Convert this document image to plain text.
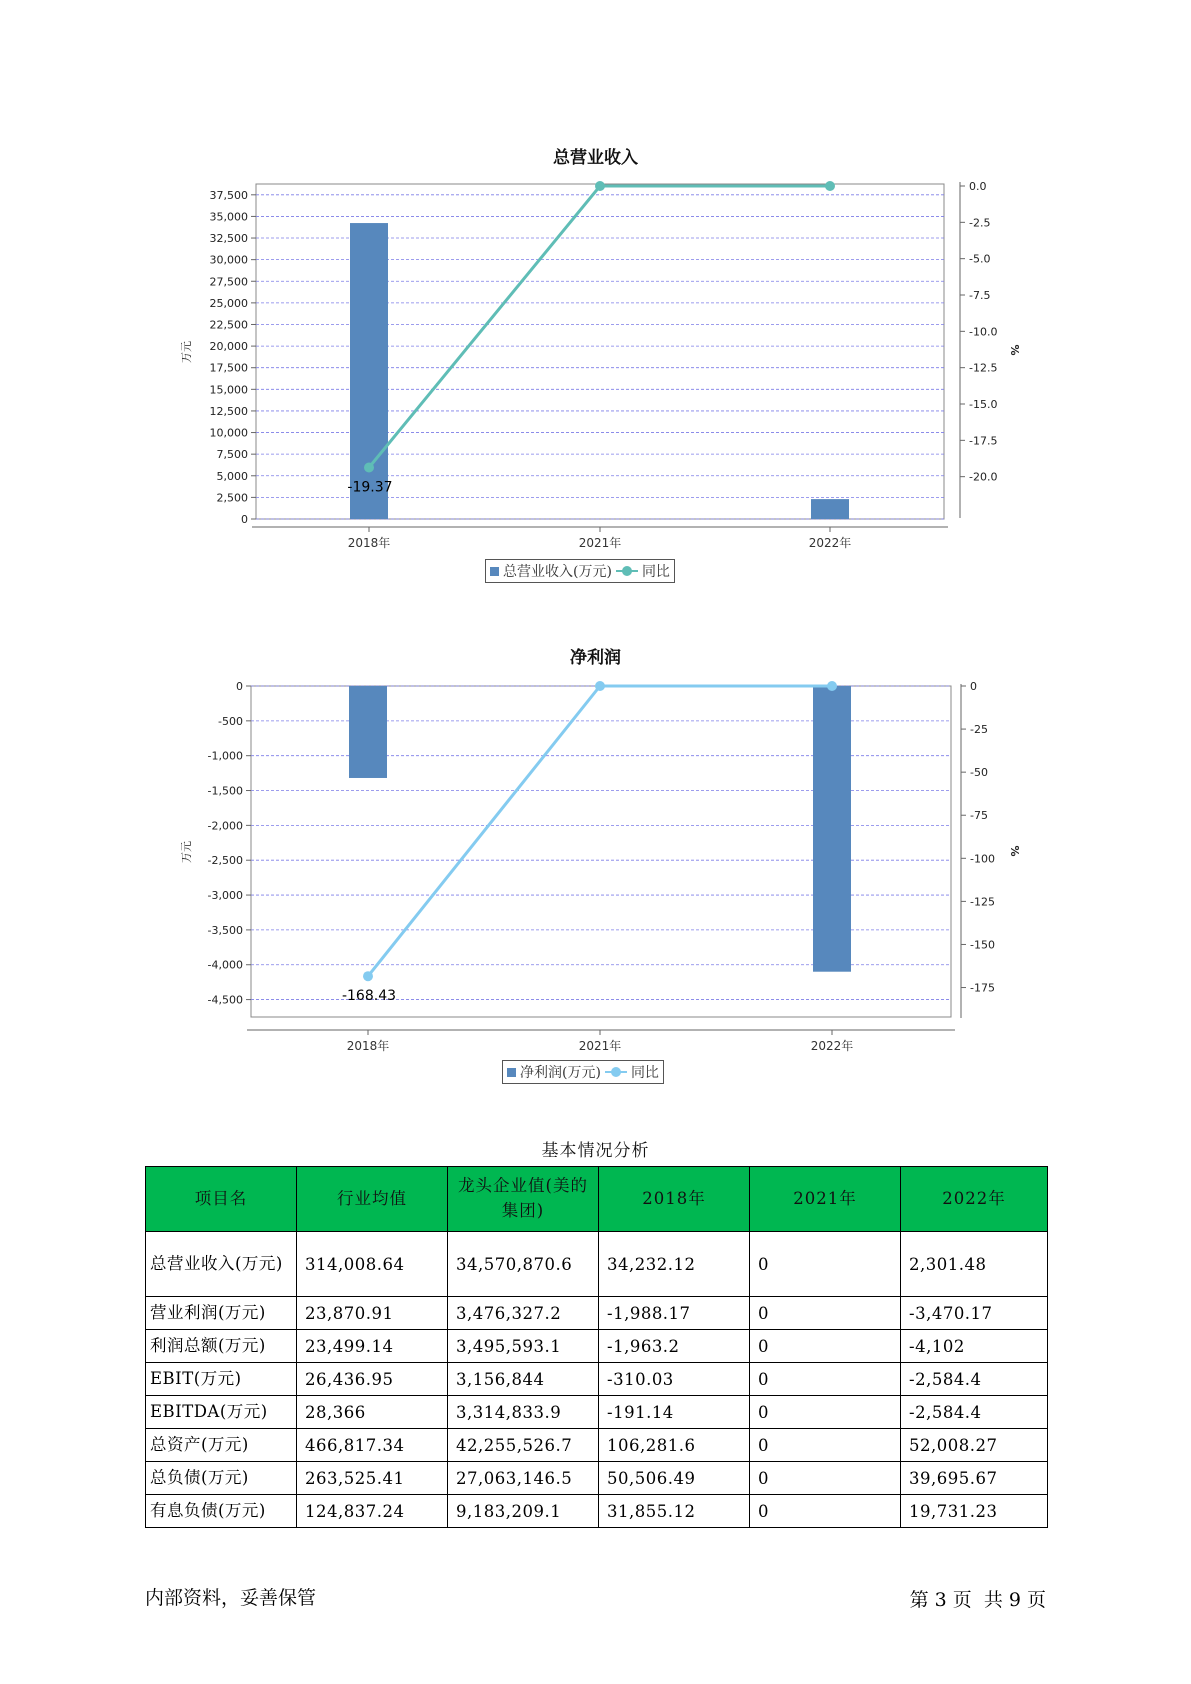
总营业收入
0
2,500
5,000
7,500
10,000
12,500
15,000
17,500
20,000
22,500
25,000
27,500
30,000
32,500
35,000
37,500
万元
-20.0
-17.5
-15.0
-12.5
-10.0
-7.5
-5.0
-2.5
0.0
%
2018年	2021年	2022年
-19.37
总营业收入(万元) 同比
净利润
-4,500
-4,000
-3,500
-3,000
-2,500
-2,000
-1,500
-1,000
-500
0
万元
-175
-150
-125
-100
-75
-50
-25
0
%
2018年	2021年	2022年
-168.43
净利润(万元) 同比
基本情况分析
项目名	行业均值	龙头企业值(美的集团)	2018年	2021年	2022年
总营业收入(万元)	314,008.64	34,570,870.6	34,232.12	0	2,301.48
营业利润(万元)	23,870.91	3,476,327.2	-1,988.17	0	-3,470.17
利润总额(万元)	23,499.14	3,495,593.1	-1,963.2	0	-4,102
EBIT(万元)	26,436.95	3,156,844	-310.03	0	-2,584.4
EBITDA(万元)	28,366	3,314,833.9	-191.14	0	-2,584.4
总资产(万元)	466,817.34	42,255,526.7	106,281.6	0	52,008.27
总负债(万元)	263,525.41	27,063,146.5	50,506.49	0	39,695.67
有息负债(万元)	124,837.24	9,183,209.1	31,855.12	0	19,731.23
内部资料，妥善保管	第 3 页  共 9 页
